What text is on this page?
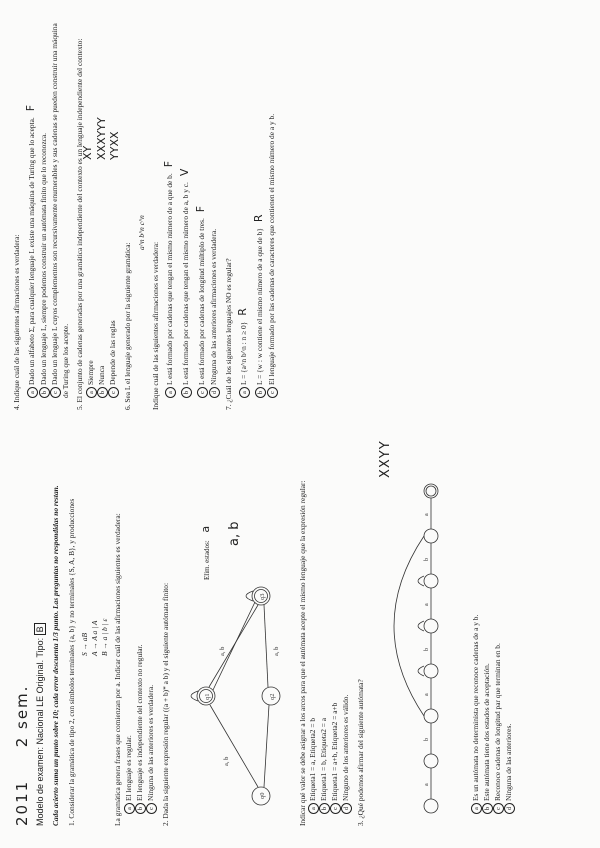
2011 2 sem. Modelo de examen: Nacional LE Original. Tipo: B Cada acierto suma un punto sobre 10; cada error descuenta 1/3 punto. Las preguntas no respondidas no restan. 1. Considerar la gramática de tipo 2, con símbolos terminales {a, b} y no terminales {S, A, B}, y producciones S → aB A → A a | A B → a | b | ε La gramática genera frases que comienzan por a. Indicar cuál de las afirmaciones siguientes es verdadera: aEl lenguaje es regular.
bEl lenguaje es independiente del contexto no regular.
cNinguna de las anteriores es verdadera. 2. Dada la siguiente expresión regular ((a + b)* a b) y el siguiente autómata finito:	q0
q1	q2
q3
a, b
a, b	a, b
Elim. estados: a a, b	Indicar qué valor se debe asignar a los arcos para que el autómata acepte el mismo lenguaje que la expresión regular: aEtiqueta1 = a, Etiqueta2 = b
bEtiqueta1 = b, Etiqueta2 = a
cEtiqueta1 = a+b, Etiqueta2 = a+b
dNinguno de los anteriores es válido. 3. ¿Qué podemos afirmar del siguiente autómata?	a
b
a
b
a
b
a
XXYY
aEs un autómata no determinista que reconoce cadenas de a y b.
bEste autómata tiene dos estados de aceptación.
cReconoce cadenas de longitud par que terminan en b.
dNinguna de las anteriores.
4. Indique cuál de las siguientes afirmaciones es verdadera:	aDado un alfabeto Σ, para cualquier lenguaje L existe una máquina de Turing que lo acepta.F
bDado un lenguaje L, siempre podemos construir un autómata finito que lo reconozca.
cDado un lenguaje L cuyos complementos son recursivamente enumerables y sus cadenas se pueden construir una máquina de Turing que los acepte. 5. El conjunto de cadenas generadas por una gramática independiente del contexto es un lenguaje independiente del contexto: aSiempre
bNunca
cDepende de las reglas
XY XXXYYY YYXX
6. Sea L el lenguaje generado por la siguiente gramática:
a^n b^n c^n
Indique cuál de las siguientes afirmaciones es verdadera:	aL está formado por cadenas que tengan el mismo número de a que de b.F
bL está formado por cadenas que tengan el mismo número de a, b y c.V
cL está formado por cadenas de longitud múltiplo de tres.F
dNinguna de las anteriores afirmaciones es verdadera. 7. ¿Cuál de los siguientes lenguajes NO es regular?	aL = {a^n b^n : n ≥ 0}R
bL = {w : w contiene el mismo número de a que de b}R
cEl lenguaje formado por las cadenas de caracteres que contienen el mismo número de a y b.
